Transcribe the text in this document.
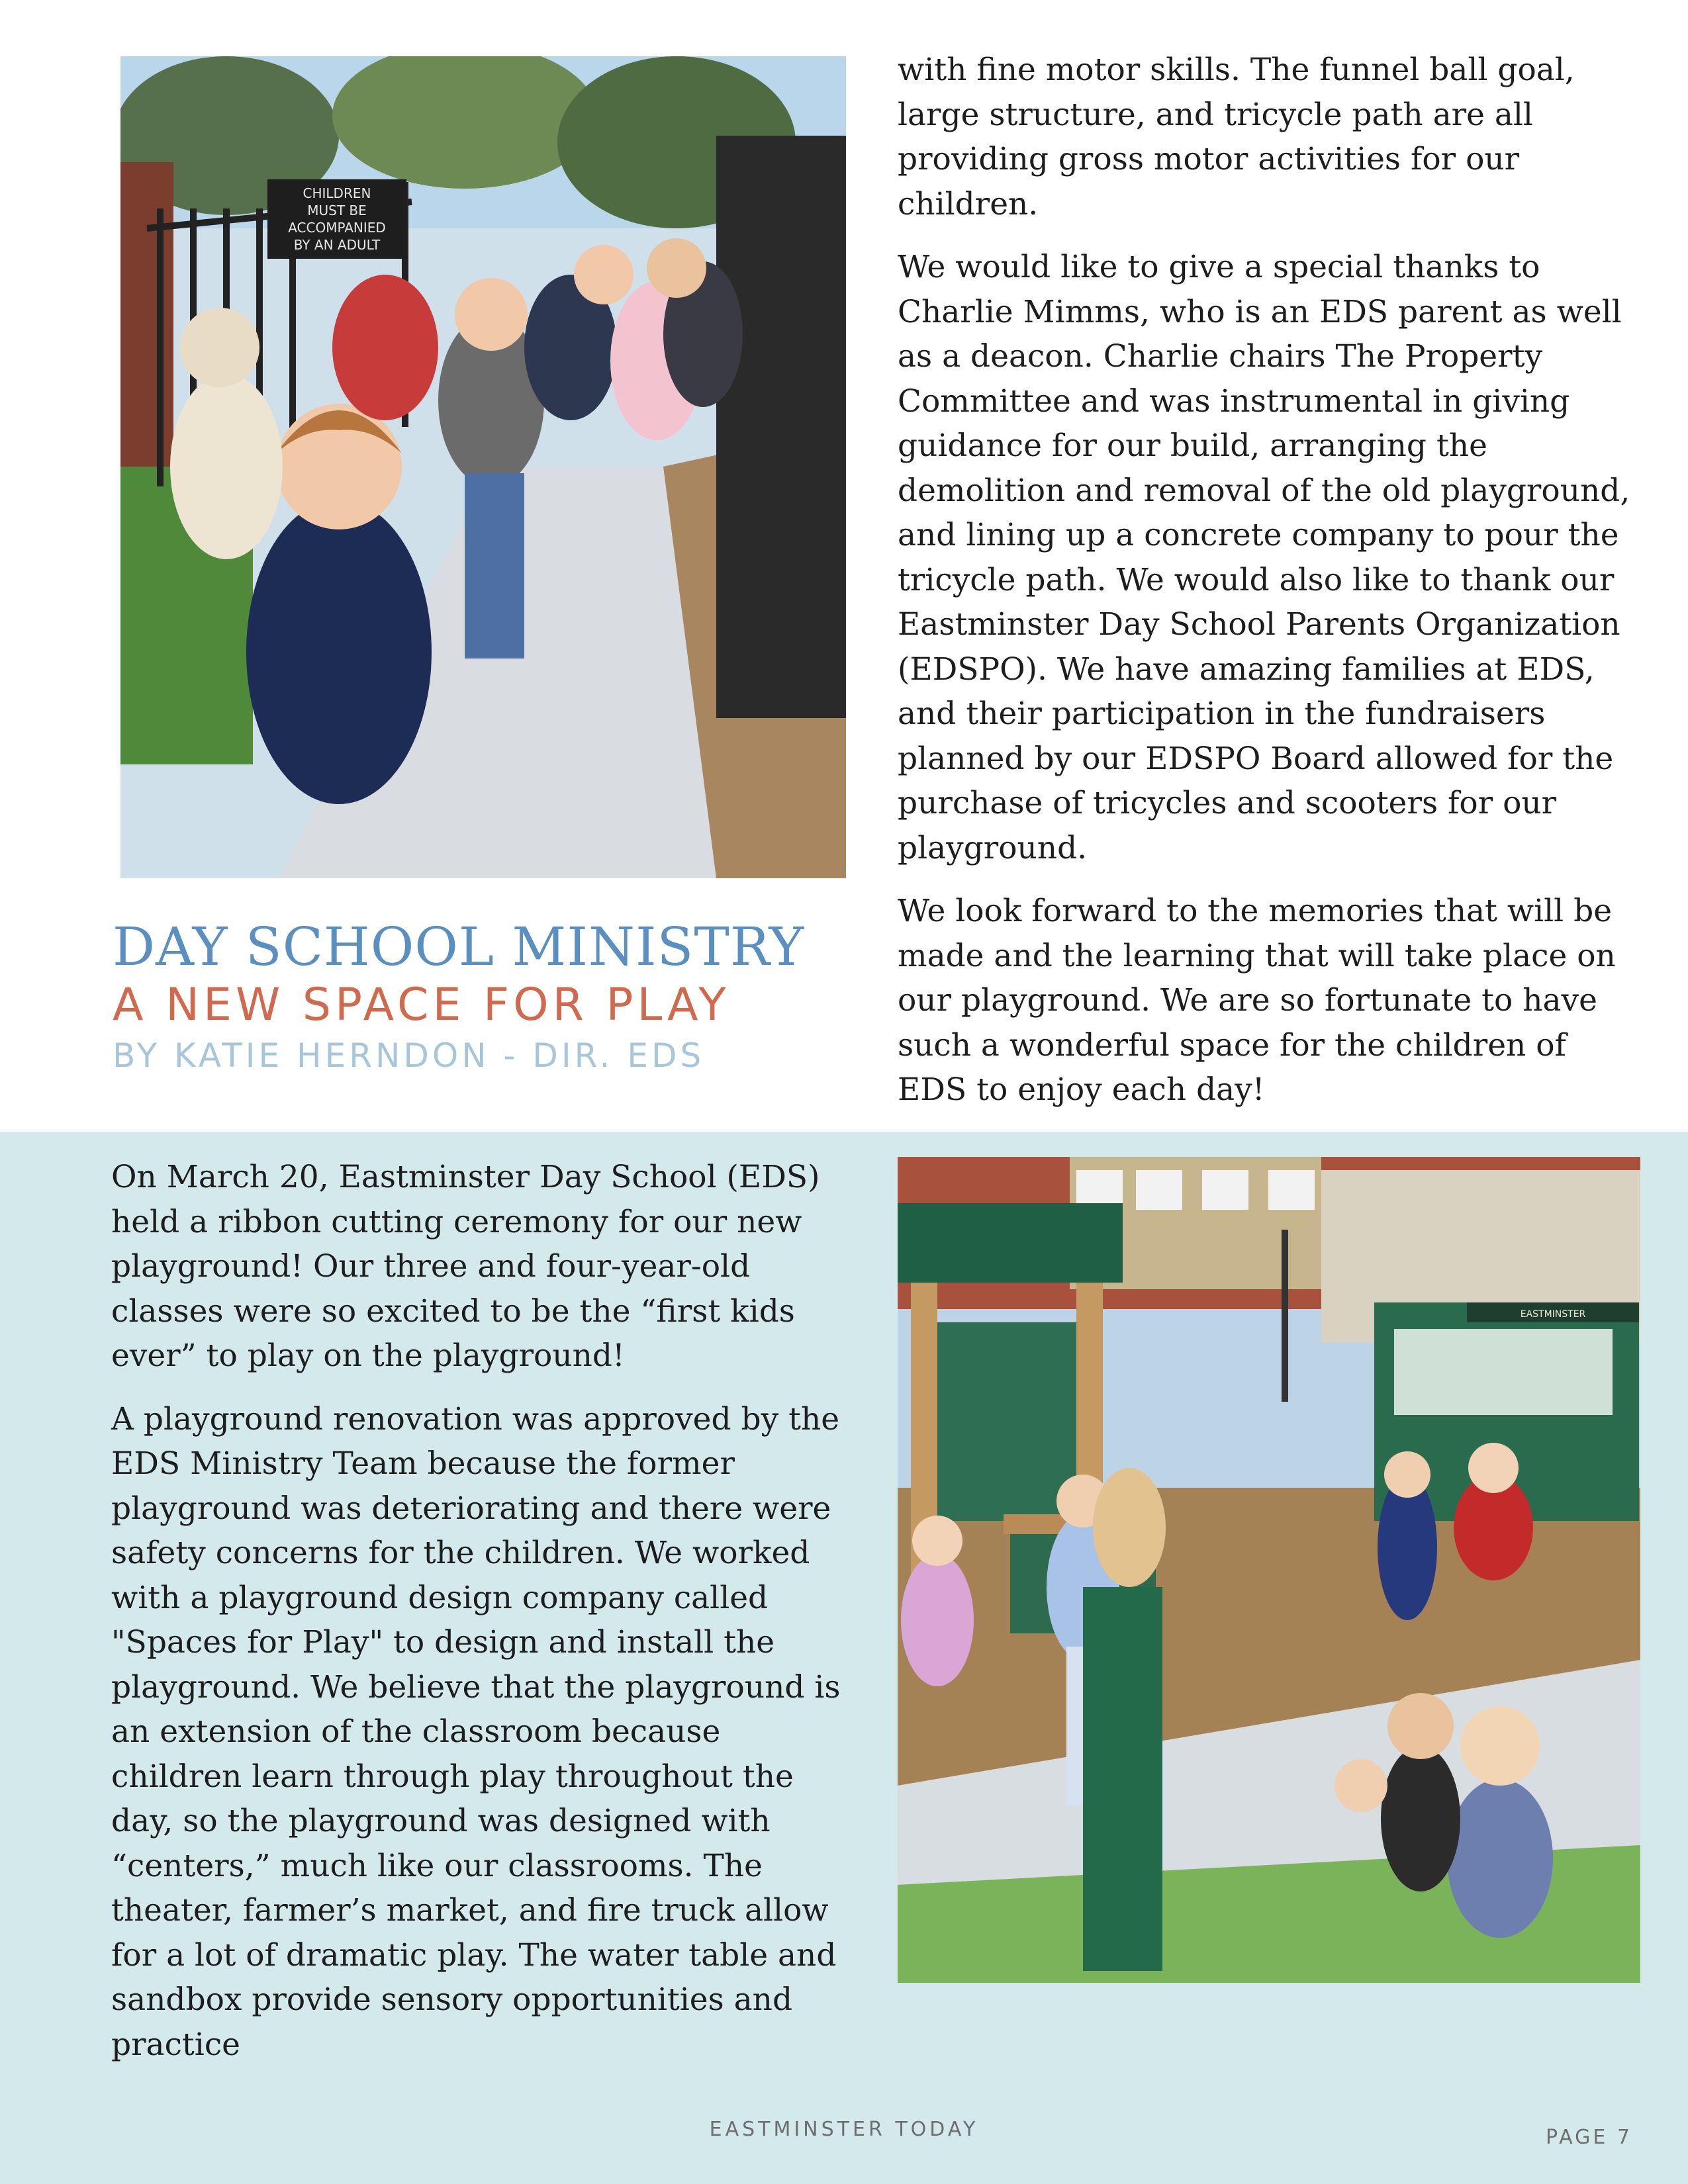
CHILDREN
MUST BE
ACCOMPANIED
BY AN ADULT

with fine motor skills. The funnel ball goal, large structure, and tricycle path are all providing gross motor activities for our children.

We would like to give a special thanks to Charlie Mimms, who is an EDS parent as well as a deacon. Charlie chairs The Property Committee and was instrumental in giving guidance for our build, arranging the demolition and removal of the old playground, and lining up a concrete company to pour the tricycle path. We would also like to thank our Eastminster Day School Parents Organization (EDSPO). We have amazing families at EDS, and their participation in the fundraisers planned by our EDSPO Board allowed for the purchase of tricycles and scooters for our playground.

We look forward to the memories that will be made and the learning that will take place on our playground. We are so fortunate to have such a wonderful space for the children of EDS to enjoy each day!

DAY SCHOOL MINISTRY
A NEW SPACE FOR PLAY
BY KATIE HERNDON - DIR. EDS

On March 20, Eastminster Day School (EDS) held a ribbon cutting ceremony for our new playground! Our three and four-year-old classes were so excited to be the “first kids ever” to play on the playground!

A playground renovation was approved by the EDS Ministry Team because the former playground was deteriorating and there were safety concerns for the children. We worked with a playground design company called "Spaces for Play" to design and install the playground. We believe that the playground is an extension of the classroom because children learn through play throughout the day, so the playground was designed with “centers,” much like our classrooms. The theater, farmer’s market, and fire truck allow for a lot of dramatic play. The water table and sandbox provide sensory opportunities and practice

EASTMINSTER
EASTMINSTER TODAY	PAGE 7
